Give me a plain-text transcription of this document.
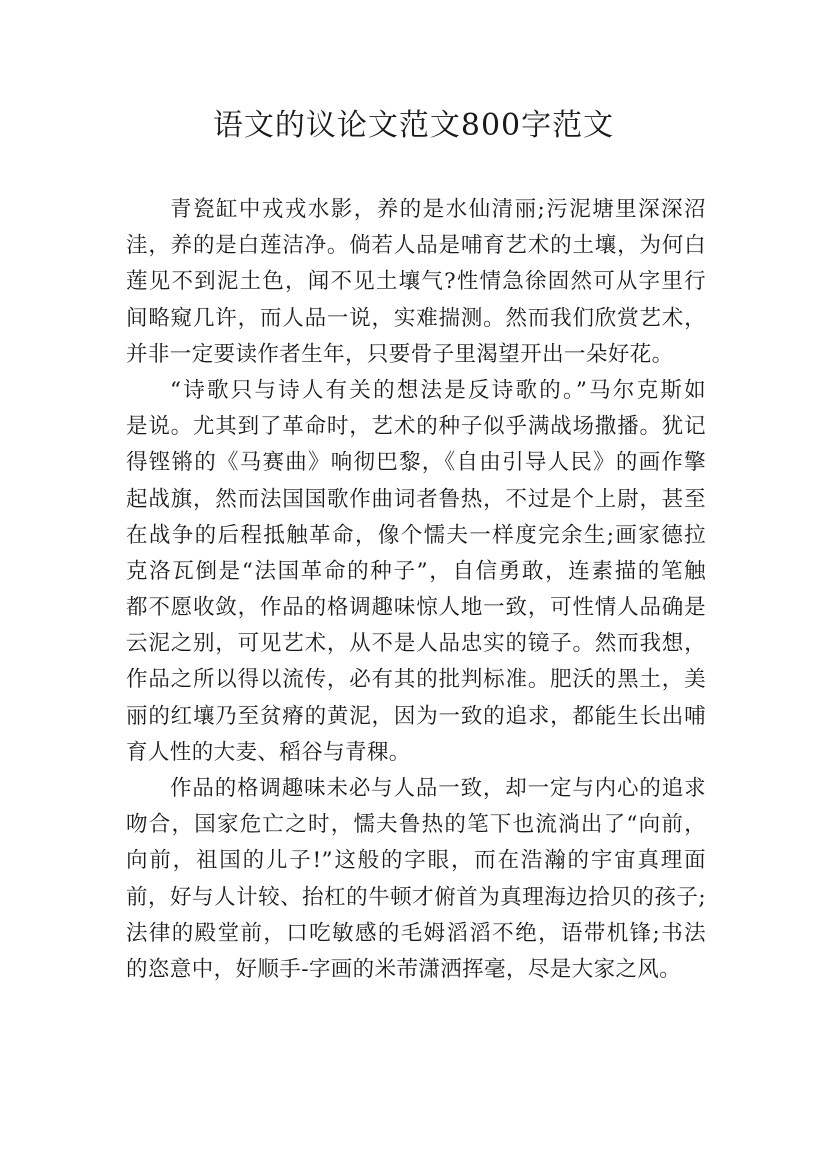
语文的议论文范文800字范文
青瓷缸中戎戎水影，养的是水仙清丽;污泥塘里深深沼
洼，养的是白莲洁净。倘若人品是哺育艺术的土壤，为何白
莲见不到泥土色，闻不见土壤气?性情急徐固然可从字里行
间略窥几许，而人品一说，实难揣测。然而我们欣赏艺术，
并非一定要读作者生年，只要骨子里渴望开出一朵好花。
“诗歌只与诗人有关的想法是反诗歌的。”马尔克斯如
是说。尤其到了革命时，艺术的种子似乎满战场撒播。犹记
得铿锵的《马赛曲》响彻巴黎，《自由引导人民》的画作擎
起战旗，然而法国国歌作曲词者鲁热，不过是个上尉，甚至
在战争的后程抵触革命，像个懦夫一样度完余生;画家德拉
克洛瓦倒是“法国革命的种子”，自信勇敢，连素描的笔触
都不愿收敛，作品的格调趣味惊人地一致，可性情人品确是
云泥之别，可见艺术，从不是人品忠实的镜子。然而我想，
作品之所以得以流传，必有其的批判标准。肥沃的黑土，美
丽的红壤乃至贫瘠的黄泥，因为一致的追求，都能生长出哺
育人性的大麦、稻谷与青稞。
作品的格调趣味未必与人品一致，却一定与内心的追求
吻合，国家危亡之时，懦夫鲁热的笔下也流淌出了“向前，
向前，祖国的儿子!”这般的字眼，而在浩瀚的宇宙真理面
前，好与人计较、抬杠的牛顿才俯首为真理海边拾贝的孩子;
法律的殿堂前，口吃敏感的毛姆滔滔不绝，语带机锋;书法
的恣意中，好顺手-字画的米芾潇洒挥毫，尽是大家之风。
